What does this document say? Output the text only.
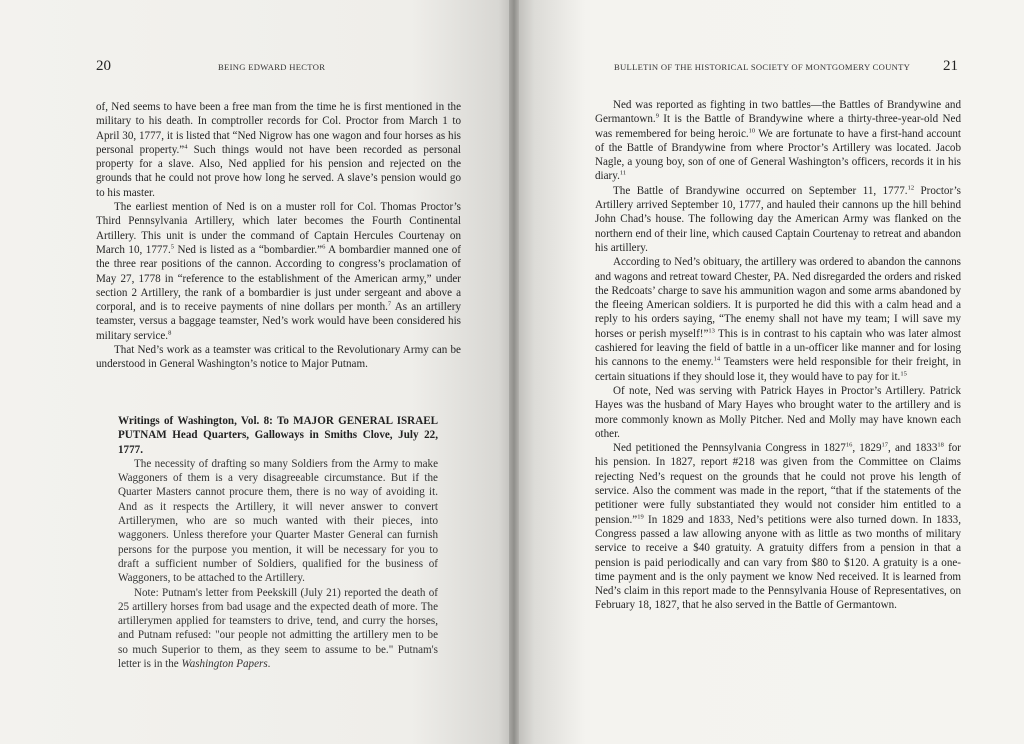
20	BEING EDWARD HECTOR

of, Ned seems to have been a free man from the time he is first mentioned in the military to his death. In comptroller records for Col. Proctor from March 1 to April 30, 1777, it is listed that “Ned Nigrow has one wagon and four horses as his personal property.”$^4$ Such things would not have been recorded as personal property for a slave. Also, Ned applied for his pension and rejected on the grounds that he could not prove how long he served. A slave’s pension would go to his master.

The earliest mention of Ned is on a muster roll for Col. Thomas Proctor’s Third Pennsylvania Artillery, which later becomes the Fourth Continental Artillery. This unit is under the command of Captain Hercules Courtenay on March 10, 1777.$^5$ Ned is listed as a “bombardier.”$^6$ A bombardier manned one of the three rear positions of the cannon. According to congress’s proclamation of May 27, 1778 in “reference to the establishment of the American army,” under section 2 Artillery, the rank of a bombardier is just under sergeant and above a corporal, and is to receive payments of nine dollars per month.$^7$ As an artillery teamster, versus a baggage teamster, Ned’s work would have been considered his military service.$^8$

That Ned’s work as a teamster was critical to the Revolutionary Army can be understood in General Washington’s notice to Major Putnam.

Writings of Washington, Vol. 8: To MAJOR GENERAL ISRAEL PUTNAM Head Quarters, Galloways in Smiths Clove, July 22, 1777.

The necessity of drafting so many Soldiers from the Army to make Waggoners of them is a very disagreeable circumstance. But if the Quarter Masters cannot procure them, there is no way of avoiding it. And as it respects the Artillery, it will never answer to convert Artillerymen, who are so much wanted with their pieces, into waggoners. Unless therefore your Quarter Master General can furnish persons for the purpose you mention, it will be necessary for you to draft a sufficient number of Soldiers, qualified for the business of Waggoners, to be attached to the Artillery.

Note: Putnam's letter from Peekskill (July 21) reported the death of 25 artillery horses from bad usage and the expected death of more. The artillerymen applied for teamsters to drive, tend, and curry the horses, and Putnam refused: "our people not admitting the artillery men to be so much Superior to them, as they seem to assume to be." Putnam's letter is in the Washington Papers.

BULLETIN OF THE HISTORICAL SOCIETY OF MONTGOMERY COUNTY 21

Ned was reported as fighting in two battles—the Battles of Brandywine and Germantown.$^9$ It is the Battle of Brandywine where a thirty-three-year-old Ned was remembered for being heroic.$^{10}$ We are fortunate to have a first-hand account of the Battle of Brandywine from where Proctor’s Artillery was located. Jacob Nagle, a young boy, son of one of General Washington’s officers, records it in his diary.$^{11}$

The Battle of Brandywine occurred on September 11, 1777.12 Proctor’s Artillery arrived September 10, 1777, and hauled their cannons up the hill behind John Chad’s house. The following day the American Army was flanked on the northern end of their line, which caused Captain Courtenay to retreat and abandon his artillery.

According to Ned’s obituary, the artillery was ordered to abandon the cannons and wagons and retreat toward Chester, PA. Ned disregarded the orders and risked the Redcoats’ charge to save his ammunition wagon and some arms abandoned by the fleeing American soldiers. It is purported he did this with a calm head and a reply to his orders saying, “The enemy shall not have my team; I will save my horses or perish myself!”$^{13}$ This is in contrast to his captain who was later almost cashiered for leaving the field of battle in a un-officer like manner and for losing his cannons to the enemy.$^{14}$ Teamsters were held responsible for their freight, in certain situations if they should lose it, they would have to pay for it.$^{15}$

Of note, Ned was serving with Patrick Hayes in Proctor’s Artillery. Patrick Hayes was the husband of Mary Hayes who brought water to the artillery and is more commonly known as Molly Pitcher. Ned and Molly may have known each other.

Ned petitioned the Pennsylvania Congress in 1827$^{16}$, 1829$^{17}$, and 1833$^{18}$ for his pension. In 1827, report #218 was given from the Committee on Claims rejecting Ned’s request on the grounds that he could not prove his length of service. Also the comment was made in the report, “that if the statements of the petitioner were fully substantiated they would not consider him entitled to a pension.”$^{19}$ In 1829 and 1833, Ned’s petitions were also turned down. In 1833, Congress passed a law allowing anyone with as little as two months of military service to receive a $40 gratuity. A gratuity differs from a pension in that a pension is paid periodically and can vary from $80 to $120. A gratuity is a one-time payment and is the only payment we know Ned received. It is learned from Ned’s claim in this report made to the Pennsylvania House of Representatives, on February 18, 1827, that he also served in the Battle of Germantown.
